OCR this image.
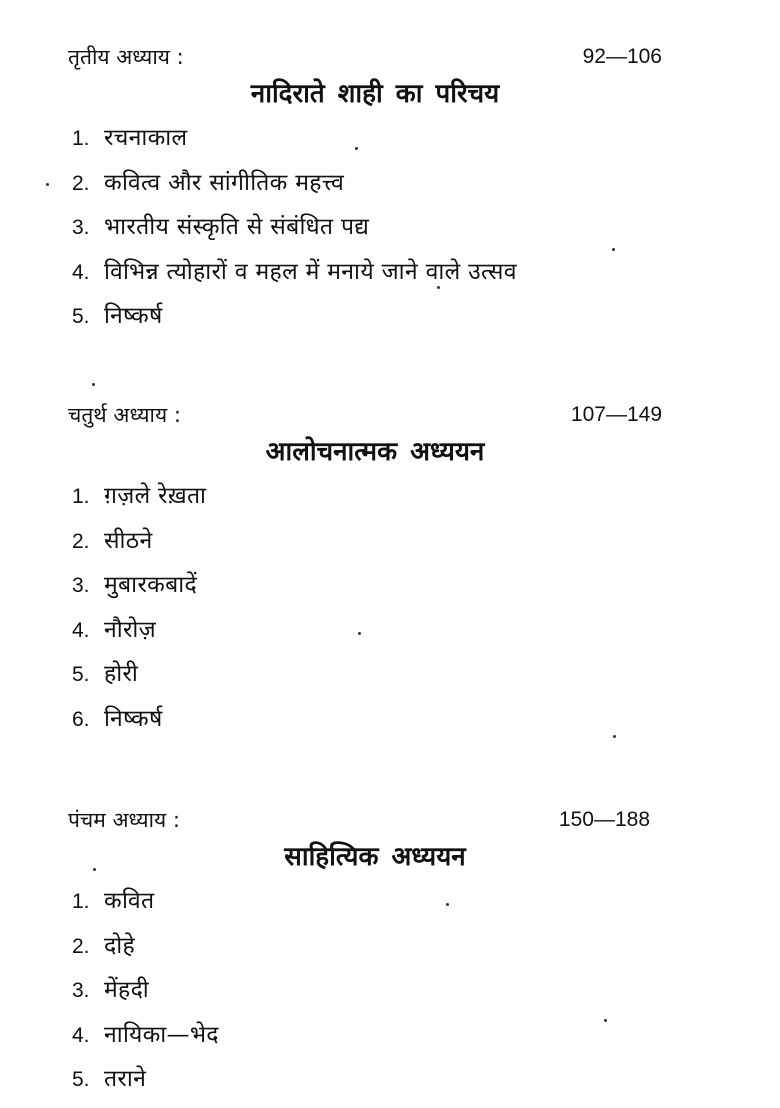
तृतीय अध्याय :	92—106
नादिराते शाही का परिचय
1. रचनाकाल
2. कवित्व और सांगीतिक महत्त्व
3. भारतीय संस्कृति से संबंधित पद्य
4. विभिन्न त्योहारों व महल में मनाये जाने वाले उत्सव
5. निष्कर्ष
चतुर्थ अध्याय :	107—149
आलोचनात्मक अध्ययन
1. ग़ज़ले रेख़ता
2. सीठने
3. मुबारकबादें
4. नौरोज़
5. होरी
6. निष्कर्ष
पंचम अध्याय :	150—188
साहित्यिक अध्ययन
1. कवित
2. दोहे
3. मेंहदी
4. नायिका—भेद
5. तराने
